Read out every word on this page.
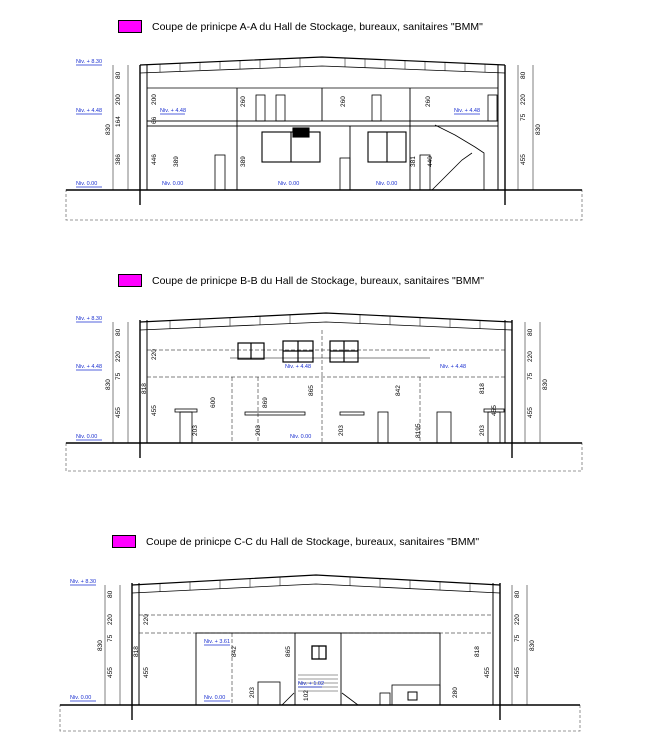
Coupe de prinicpe A-A du Hall de Stockage, bureaux, sanitaires "BMM"
80
200
164
386
830
80
220
75
455
830
200
66
446 389
260
389
260
381 440
260
Niv. + 8.30
Niv. + 4.48
Niv. 0.00
Niv. + 4.48
Niv. 0.00	Niv. 0.00	Niv. 0.00
Niv. + 4.48
Coupe de prinicpe B-B du Hall de Stockage, bureaux, sanitaires "BMM"
80
220
75
455
830
80
220
75
455
830
220
818
455
600	869
865	842	818
455
203	203	203	203
8195
Niv. + 8.30
Niv. + 4.48
Niv. 0.00
Niv. + 4.48	Niv. + 4.48
Niv. 0.00
Coupe de prinicpe C-C du Hall de Stockage, bureaux, sanitaires "BMM"
80
220
75
455
830
80
220
75
455
830
220
818
455
842	865
203	102	280
818
455
Niv. + 8.30
Niv. 0.00
Niv. + 3.61
Niv. 0.00
Niv. + 1.02
